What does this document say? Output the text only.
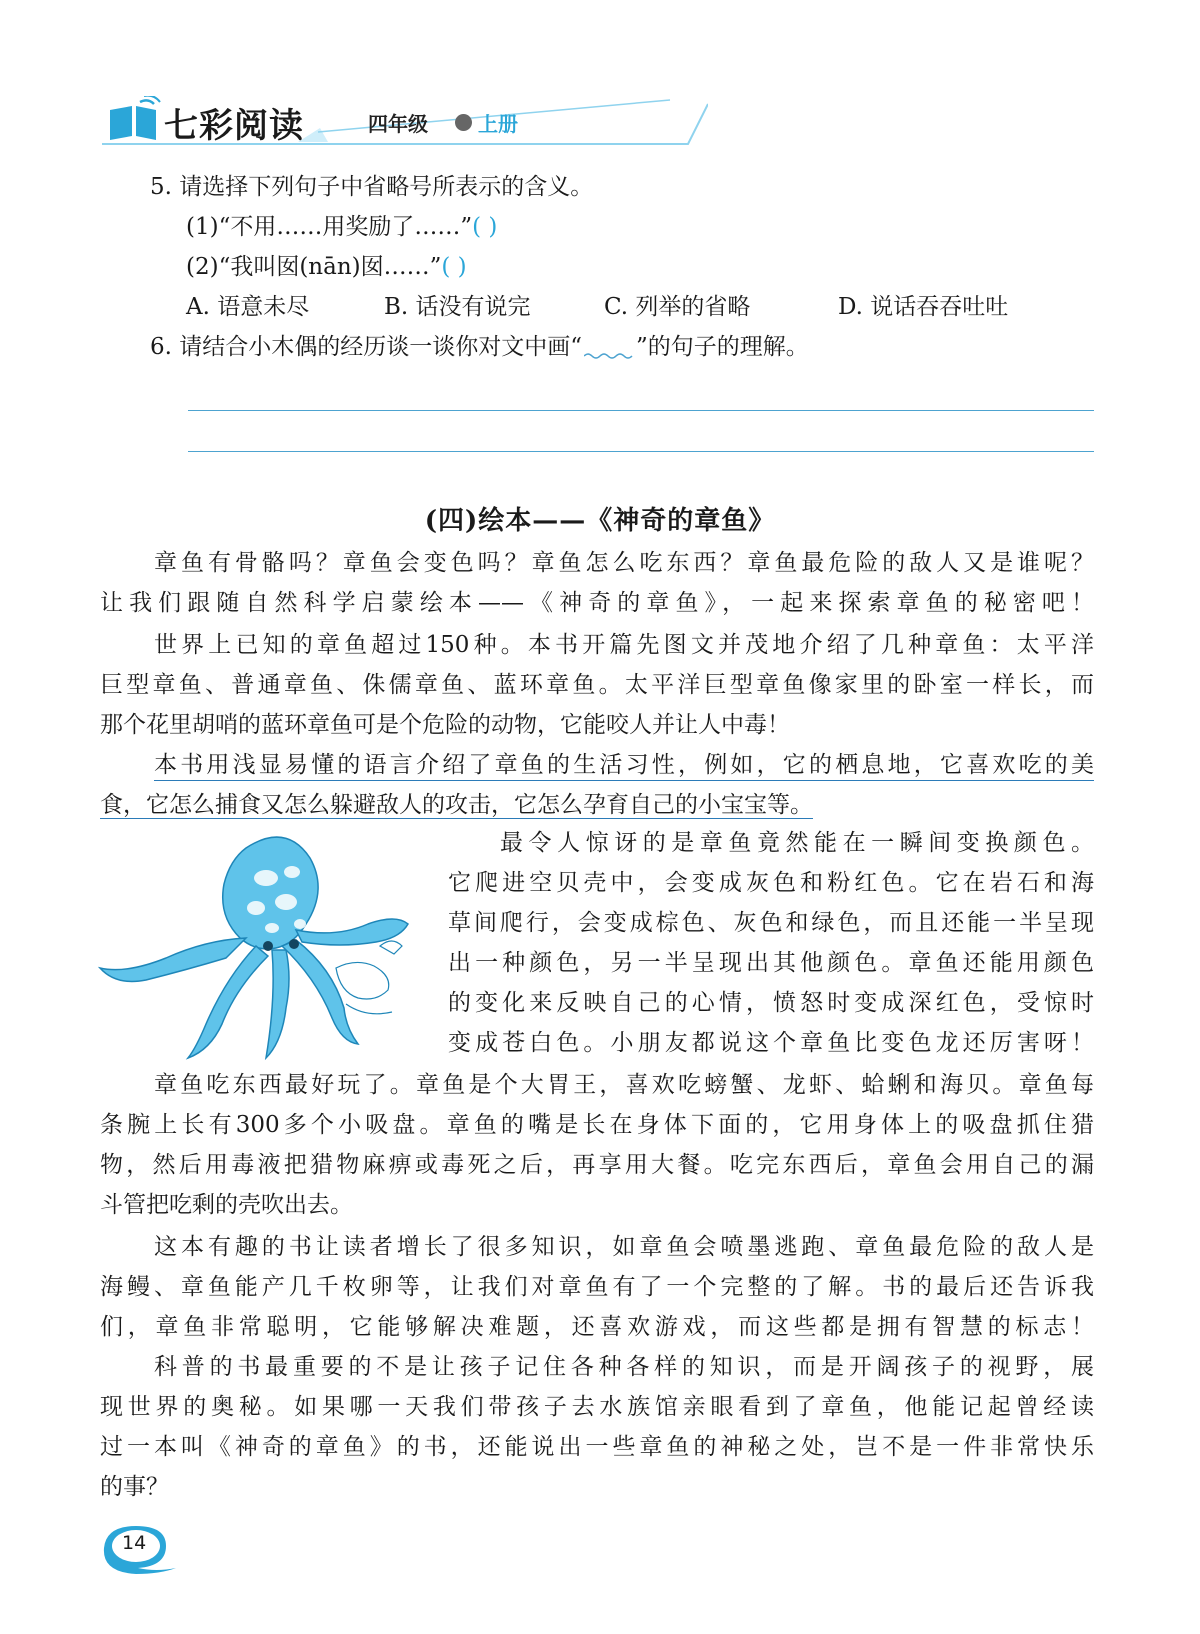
七彩阅读	四年级	上册
5. 请选择下列句子中省略号所表示的含义。
(1)“不用……用奖励了……”( )
(2)“我叫囡(nān)囡……”( )
A. 语意未尽	B. 话没有说完	C. 列举的省略	D. 说话吞吞吐吐
6. 请结合小木偶的经历谈一谈你对文中画“ ”的句子的理解。
(四)绘本——《神奇的章鱼》
章鱼有骨骼吗？章鱼会变色吗？章鱼怎么吃东西？章鱼最危险的敌人又是谁呢？
让我们跟随自然科学启蒙绘本——《神奇的章鱼》，一起来探索章鱼的秘密吧！
世界上已知的章鱼超过150种。本书开篇先图文并茂地介绍了几种章鱼：太平洋
巨型章鱼、普通章鱼、侏儒章鱼、蓝环章鱼。太平洋巨型章鱼像家里的卧室一样长，而
那个花里胡哨的蓝环章鱼可是个危险的动物，它能咬人并让人中毒！
本书用浅显易懂的语言介绍了章鱼的生活习性，例如，它的栖息地，它喜欢吃的美
食，它怎么捕食又怎么躲避敌人的攻击，它怎么孕育自己的小宝宝等。
最令人惊讶的是章鱼竟然能在一瞬间变换颜色。
它爬进空贝壳中，会变成灰色和粉红色。它在岩石和海
草间爬行，会变成棕色、灰色和绿色，而且还能一半呈现
出一种颜色，另一半呈现出其他颜色。章鱼还能用颜色
的变化来反映自己的心情，愤怒时变成深红色，受惊时
变成苍白色。小朋友都说这个章鱼比变色龙还厉害呀！
章鱼吃东西最好玩了。章鱼是个大胃王，喜欢吃螃蟹、龙虾、蛤蜊和海贝。章鱼每
条腕上长有300多个小吸盘。章鱼的嘴是长在身体下面的，它用身体上的吸盘抓住猎
物，然后用毒液把猎物麻痹或毒死之后，再享用大餐。吃完东西后，章鱼会用自己的漏
斗管把吃剩的壳吹出去。
这本有趣的书让读者增长了很多知识，如章鱼会喷墨逃跑、章鱼最危险的敌人是
海鳗、章鱼能产几千枚卵等，让我们对章鱼有了一个完整的了解。书的最后还告诉我
们，章鱼非常聪明，它能够解决难题，还喜欢游戏，而这些都是拥有智慧的标志！
科普的书最重要的不是让孩子记住各种各样的知识，而是开阔孩子的视野，展
现世界的奥秘。如果哪一天我们带孩子去水族馆亲眼看到了章鱼，他能记起曾经读
过一本叫《神奇的章鱼》的书，还能说出一些章鱼的神秘之处，岂不是一件非常快乐
的事？
14
